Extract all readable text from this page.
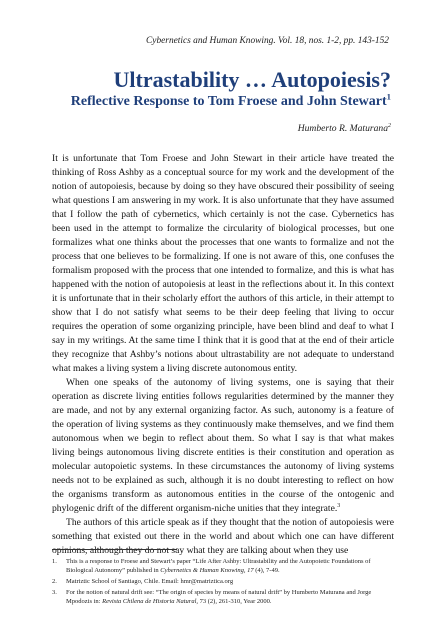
Cybernetics and Human Knowing. Vol. 18, nos. 1-2, pp. 143-152
Ultrastability … Autopoiesis?
Reflective Response to Tom Froese and John Stewart$^1$
Humberto R. Maturana$^2$

It is unfortunate that Tom Froese and John Stewart in their article have treated the thinking of Ross Ashby as a conceptual source for my work and the development of the notion of autopoiesis, because by doing so they have obscured their possibility of seeing what questions I am answering in my work. It is also unfortunate that they have assumed that I follow the path of cybernetics, which certainly is not the case. Cybernetics has been used in the attempt to formalize the circularity of biological processes, but one formalizes what one thinks about the processes that one wants to formalize and not the process that one believes to be formalizing. If one is not aware of this, one confuses the formalism proposed with the process that one intended to formalize, and this is what has happened with the notion of autopoiesis at least in the reflections about it. In this context it is unfortunate that in their scholarly effort the authors of this article, in their attempt to show that I do not satisfy what seems to be their deep feeling that living to occur requires the operation of some organizing principle, have been blind and deaf to what I say in my writings. At the same time I think that it is good that at the end of their article they recognize that Ashby’s notions about ultrastability are not adequate to understand what makes a living system a living discrete autonomous entity.

When one speaks of the autonomy of living systems, one is saying that their operation as discrete living entities follows regularities determined by the manner they are made, and not by any external organizing factor. As such, autonomy is a feature of the operation of living systems as they continuously make themselves, and we find them autonomous when we begin to reflect about them. So what I say is that what makes living beings autonomous living discrete entities is their constitution and operation as molecular autopoietic systems. In these circumstances the autonomy of living systems needs not to be explained as such, although it is no doubt interesting to reflect on how the organisms transform as autonomous entities in the course of the ontogenic and phylogenic drift of the different organism-niche unities that they integrate.$^3$

The authors of this article speak as if they thought that the notion of autopoiesis were something that existed out there in the world and about which one can have different opinions, although they do not say what they are talking about when they use

1.	This is a response to Froese and Stewart’s paper “Life After Ashby: Ultrastability and the Autopoietic Foundations of Biological Autonomy” published in Cybernetics & Human Knowing, 17 (4), 7-49.
2.	Matriztic School of Santiago, Chile. Email: hmr@matriztica.org
3.	For the notion of natural drift see: “The origin of species by means of natural drift” by Humberto Maturana and Jorge Mpodozis in: Revista Chilena de Historia Natural, 73 (2), 261-310, Year 2000.
